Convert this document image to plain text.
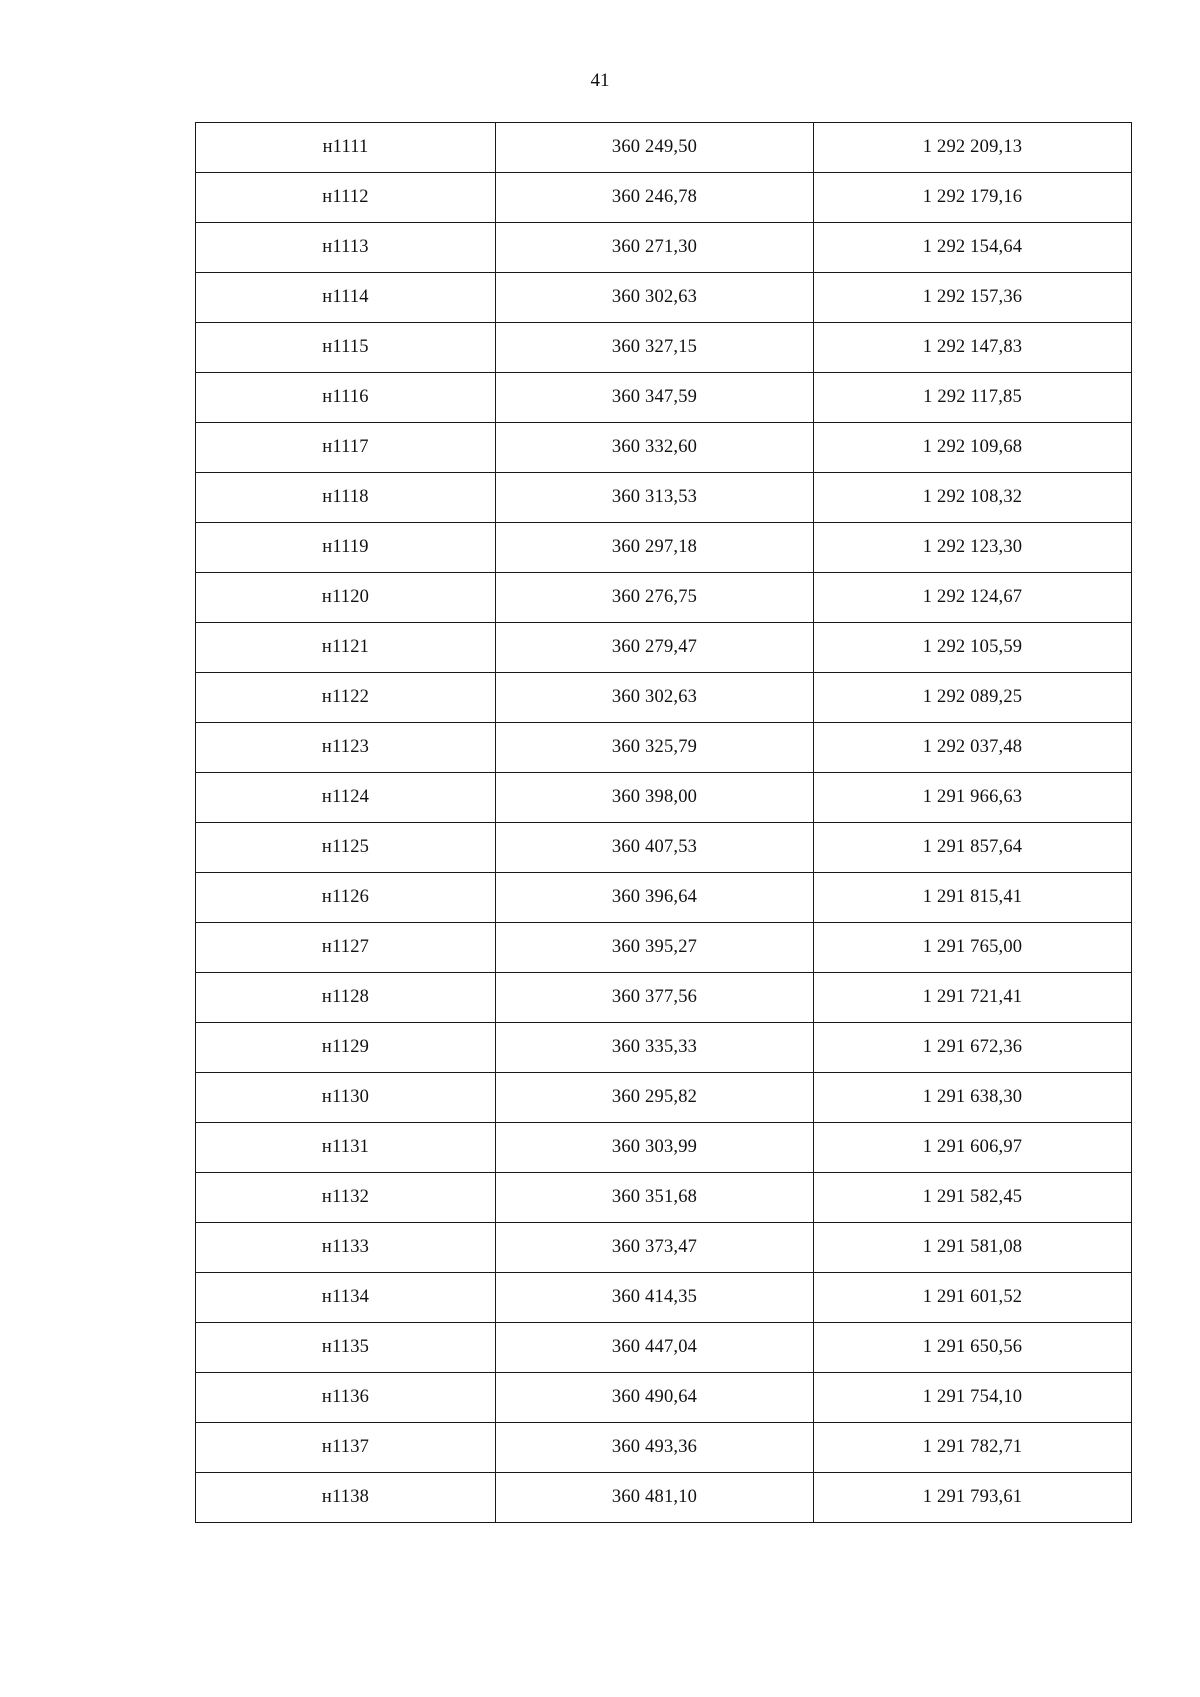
41
н1111	360 249,50	1 292 209,13
н1112	360 246,78	1 292 179,16
н1113	360 271,30	1 292 154,64
н1114	360 302,63	1 292 157,36
н1115	360 327,15	1 292 147,83
н1116	360 347,59	1 292 117,85
н1117	360 332,60	1 292 109,68
н1118	360 313,53	1 292 108,32
н1119	360 297,18	1 292 123,30
н1120	360 276,75	1 292 124,67
н1121	360 279,47	1 292 105,59
н1122	360 302,63	1 292 089,25
н1123	360 325,79	1 292 037,48
н1124	360 398,00	1 291 966,63
н1125	360 407,53	1 291 857,64
н1126	360 396,64	1 291 815,41
н1127	360 395,27	1 291 765,00
н1128	360 377,56	1 291 721,41
н1129	360 335,33	1 291 672,36
н1130	360 295,82	1 291 638,30
н1131	360 303,99	1 291 606,97
н1132	360 351,68	1 291 582,45
н1133	360 373,47	1 291 581,08
н1134	360 414,35	1 291 601,52
н1135	360 447,04	1 291 650,56
н1136	360 490,64	1 291 754,10
н1137	360 493,36	1 291 782,71
н1138	360 481,10	1 291 793,61
